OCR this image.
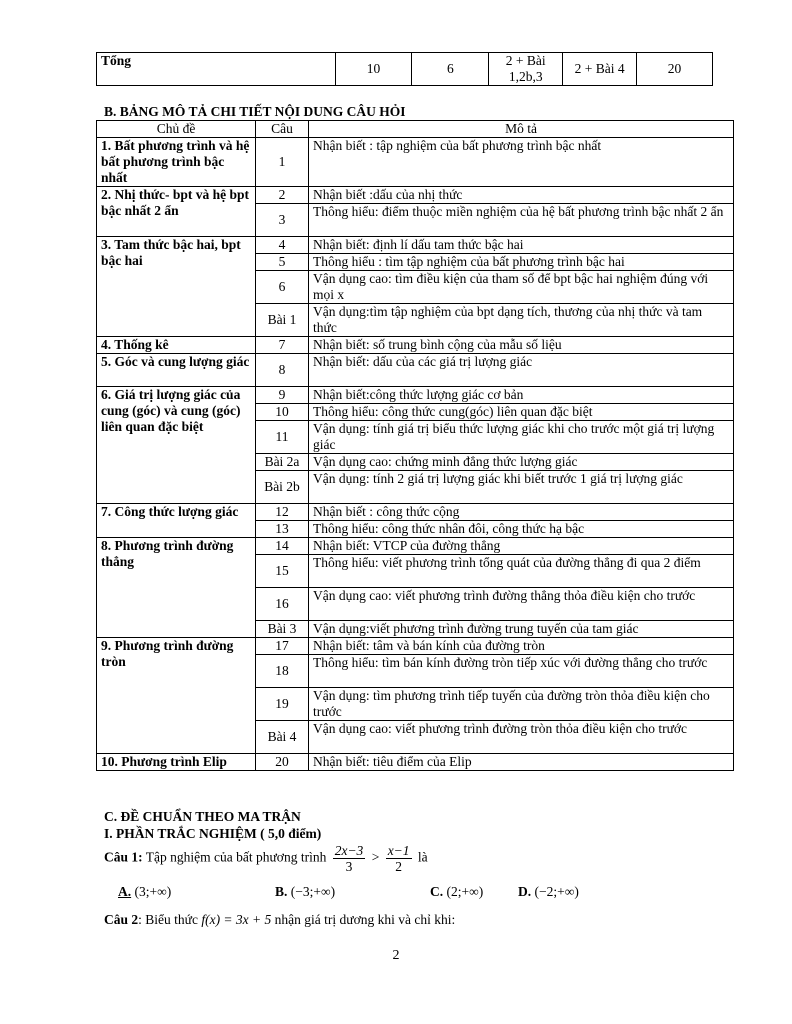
Tổng	10	6	2 + Bài 1,2b,3	2 + Bài 4	20
B. BẢNG MÔ TẢ CHI TIẾT NỘI DUNG CÂU HỎI
Chủ đề	Câu	Mô tả
1. Bất phương trình và hệ bất phương trình bậc nhất	1	Nhận biết : tập nghiệm của bất phương trình bậc nhất
2. Nhị thức- bpt và hệ bpt bậc nhất 2 ẩn	2	Nhận biết :dấu của nhị thức
	3	Thông hiểu: điểm thuộc miền nghiệm của hệ bất phương trình bậc nhất 2 ẩn
3. Tam thức bậc hai, bpt bậc hai	4	Nhận biết: định lí dấu tam thức bậc hai
	5	Thông hiểu : tìm tập nghiệm của bất phương trình bậc hai
	6	Vận dụng cao: tìm điều kiện của tham số để bpt bậc hai nghiệm đúng với mọi x
	Bài 1	Vận dụng:tìm tập nghiệm của bpt dạng tích, thương của nhị thức và tam thức
4. Thống kê	7	Nhận biết: số trung bình cộng của mẫu số liệu
5. Góc và cung lượng giác	8	Nhận biết: dấu của các giá trị lượng giác
6. Giá trị lượng giác của cung (góc) và cung (góc) liên quan đặc biệt	9	Nhận biết:công thức lượng giác cơ bản
	10	Thông hiểu: công thức cung(góc) liên quan đặc biệt
	11	Vận dụng: tính giá trị biểu thức lượng giác khi cho trước một giá trị lượng giác
	Bài 2a	Vận dụng cao: chứng minh đẳng thức lượng giác
	Bài 2b	Vận dụng: tính 2 giá trị lượng giác khi biết trước 1 giá trị lượng giác
7. Công thức lượng giác	12	Nhận biết : công thức cộng
	13	Thông hiểu: công thức nhân đôi, công thức hạ bậc
8. Phương trình đường thẳng	14	Nhận biết: VTCP của đường thẳng
	15	Thông hiểu: viết phương trình tổng quát của đường thẳng đi qua 2 điểm
	16	Vận dụng cao: viết phương trình đường thẳng thỏa điều kiện cho trước
	Bài 3	Vận dụng:viết phương trình đường trung tuyến của tam giác
9. Phương trình đường tròn	17	Nhận biết: tâm và bán kính của đường tròn
	18	Thông hiểu: tìm bán kính đường tròn tiếp xúc với đường thẳng cho trước
	19	Vận dụng: tìm phương trình tiếp tuyến của đường tròn thỏa điều kiện cho trước
	Bài 4	Vận dụng cao: viết phương trình đường tròn thỏa điều kiện cho trước
10. Phương trình Elip	20	Nhận biết: tiêu điểm của Elip
C. ĐỀ CHUẨN THEO MA TRẬN
I. PHẦN TRẮC NGHIỆM ( 5,0 điểm)
Câu 1: Tập nghiệm của bất phương trình $\frac{2x-3}{3} > \frac{x-1}{2}$ là
A. (3;+∞)	B. (−3;+∞)	C. (2;+∞)	D. (−2;+∞)
Câu 2: Biểu thức f(x) = 3x + 5 nhận giá trị dương khi và chỉ khi:
2
